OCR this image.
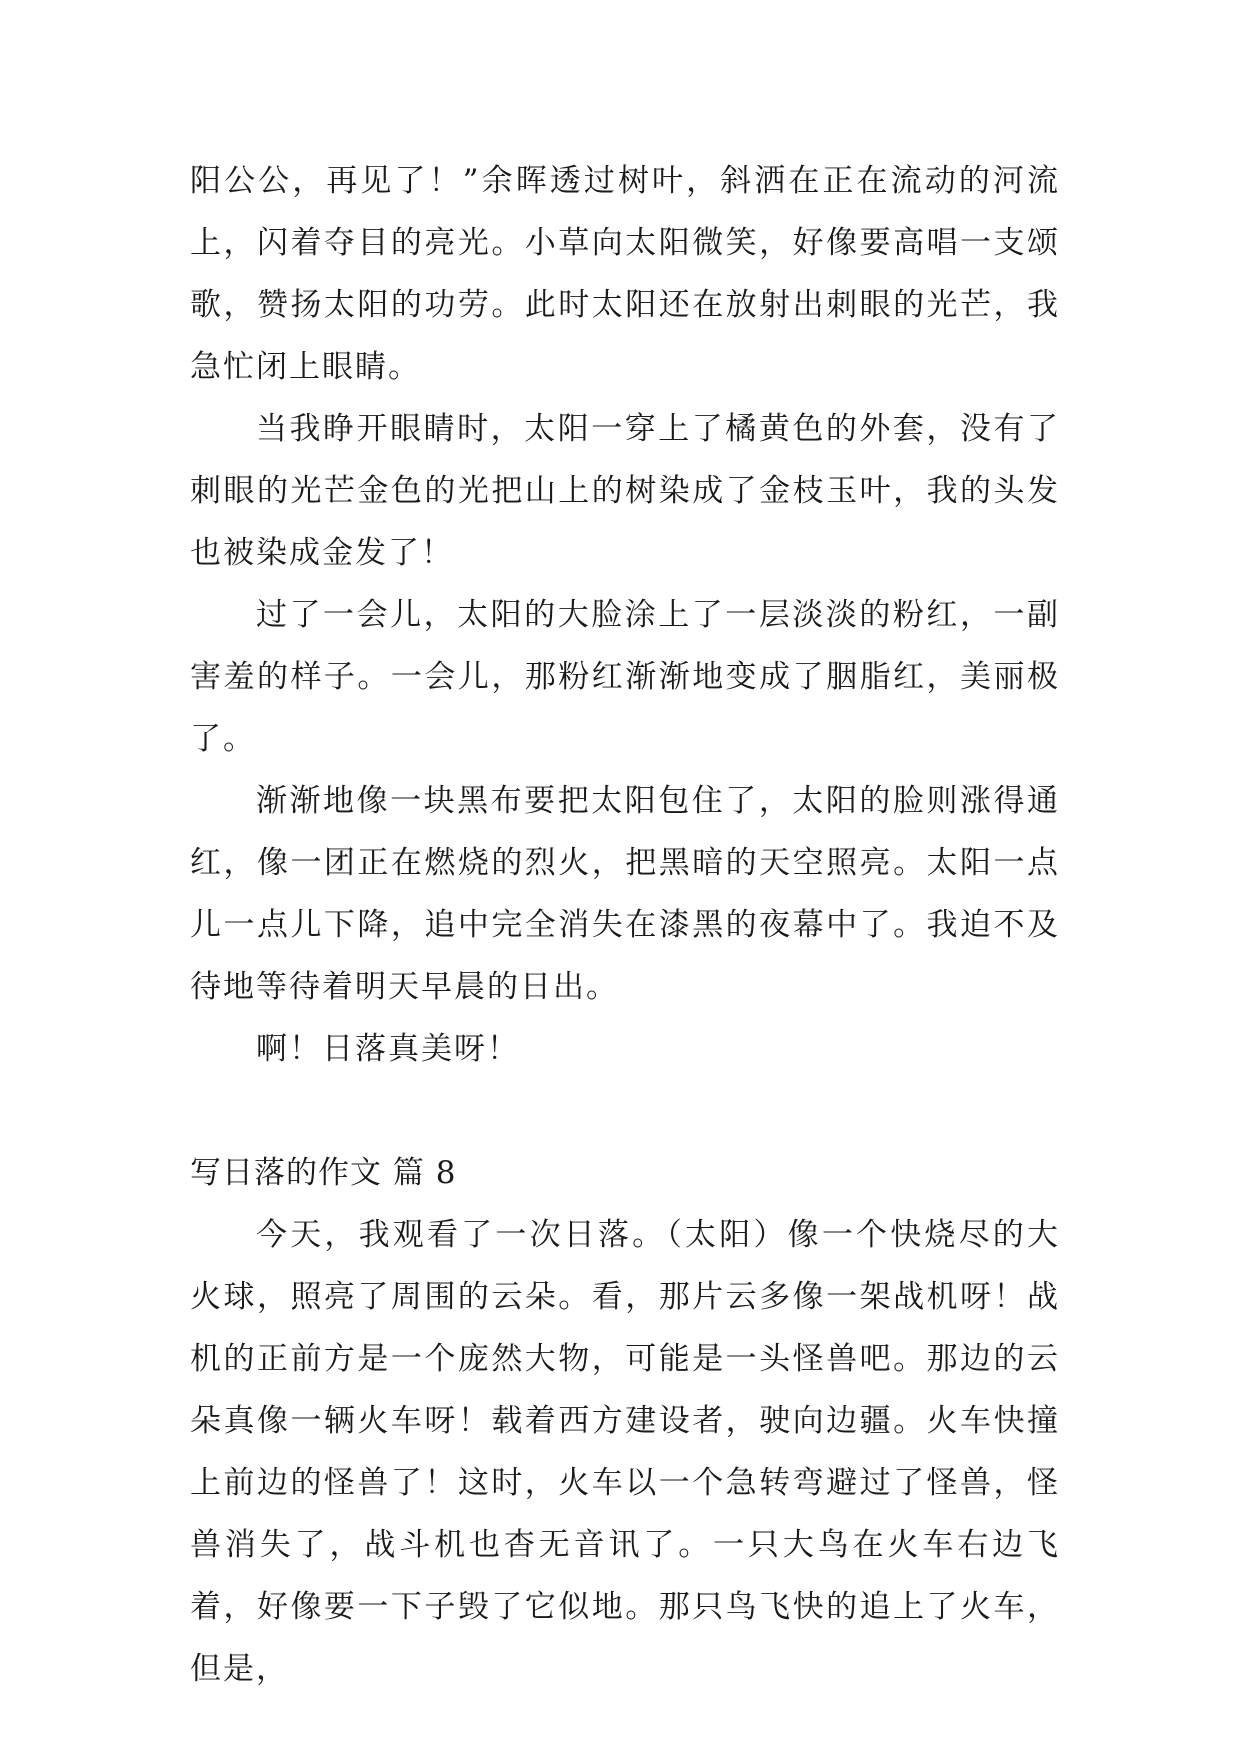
阳公公，再见了！”余晖透过树叶，斜洒在正在流动的河流上，闪着夺目的亮光。小草向太阳微笑，好像要高唱一支颂歌，赞扬太阳的功劳。此时太阳还在放射出刺眼的光芒，我急忙闭上眼睛。

当我睁开眼睛时，太阳一穿上了橘黄色的外套，没有了刺眼的光芒金色的光把山上的树染成了金枝玉叶，我的头发也被染成金发了！

过了一会儿，太阳的大脸涂上了一层淡淡的粉红，一副害羞的样子。一会儿，那粉红渐渐地变成了胭脂红，美丽极了。

渐渐地像一块黑布要把太阳包住了，太阳的脸则涨得通红，像一团正在燃烧的烈火，把黑暗的天空照亮。太阳一点儿一点儿下降，追中完全消失在漆黑的夜幕中了。我迫不及待地等待着明天早晨的日出。

啊！日落真美呀！

写日落的作文 篇 8

今天，我观看了一次日落。（太阳）像一个快烧尽的大火球，照亮了周围的云朵。看，那片云多像一架战机呀！战机的正前方是一个庞然大物，可能是一头怪兽吧。那边的云朵真像一辆火车呀！载着西方建设者，驶向边疆。火车快撞上前边的怪兽了！这时，火车以一个急转弯避过了怪兽，怪兽消失了，战斗机也杳无音讯了。一只大鸟在火车右边飞着，好像要一下子毁了它似地。那只鸟飞快的追上了火车，但是，
